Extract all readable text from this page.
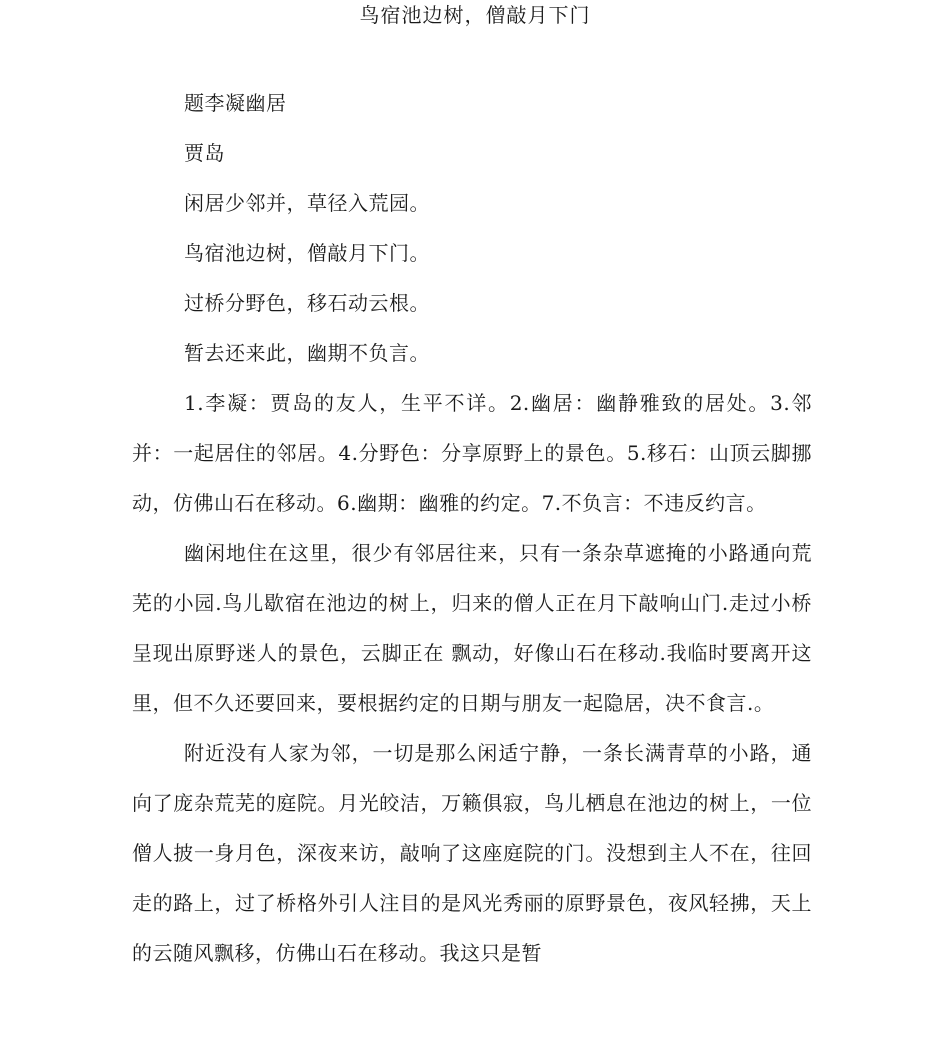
鸟宿池边树，僧敲月下门

题李凝幽居

贾岛

闲居少邻并，草径入荒园。

鸟宿池边树，僧敲月下门。

过桥分野色，移石动云根。

暂去还来此，幽期不负言。

1.李凝：贾岛的友人，生平不详。2.幽居：幽静雅致的居处。3.邻并：一起居住的邻居。4.分野色：分享原野上的景色。5.移石：山顶云脚挪动，仿佛山石在移动。6.幽期：幽雅的约定。7.不负言：不违反约言。

幽闲地住在这里，很少有邻居往来，只有一条杂草遮掩的小路通向荒芜的小园.鸟儿歇宿在池边的树上，归来的僧人正在月下敲响山门.走过小桥呈现出原野迷人的景色，云脚正在 飘动，好像山石在移动.我临时要离开这里，但不久还要回来，要根据约定的日期与朋友一起隐居，决不食言.。

附近没有人家为邻，一切是那么闲适宁静，一条长满青草的小路，通向了庞杂荒芜的庭院。月光皎洁，万籁俱寂，鸟儿栖息在池边的树上，一位僧人披一身月色，深夜来访，敲响了这座庭院的门。没想到主人不在，往回走的路上，过了桥格外引人注目的是风光秀丽的原野景色，夜风轻拂，天上的云随风飘移，仿佛山石在移动。我这只是暂
